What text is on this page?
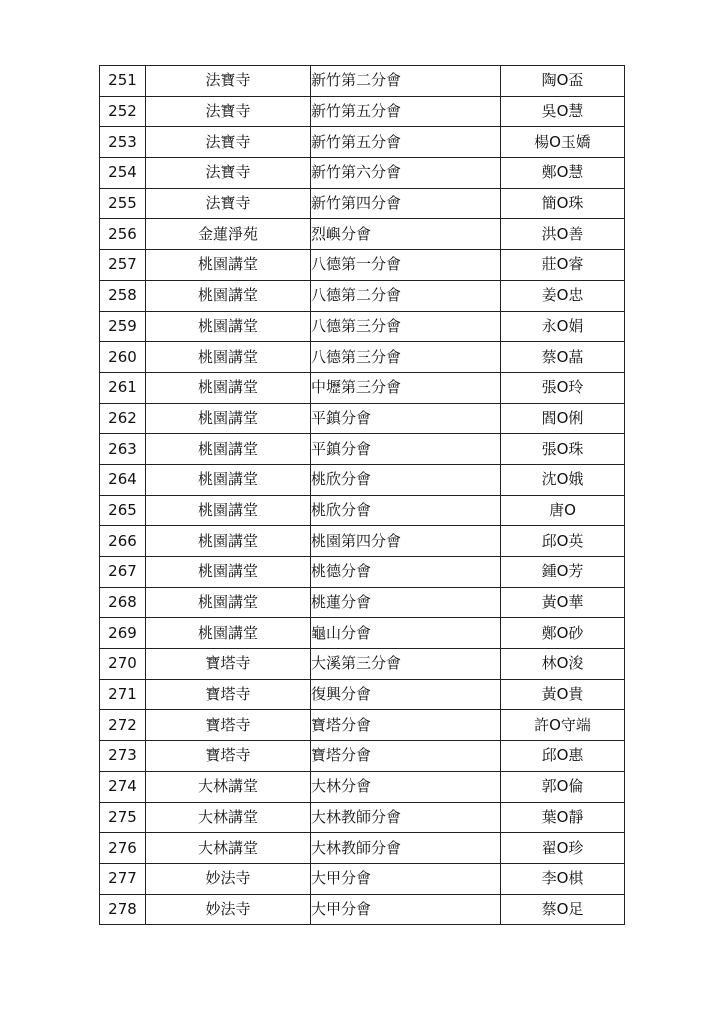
251	法寶寺	新竹第二分會	陶O盃
252	法寶寺	新竹第五分會	吳O慧
253	法寶寺	新竹第五分會	楊O玉嬌
254	法寶寺	新竹第六分會	鄭O慧
255	法寶寺	新竹第四分會	簡O珠
256	金蓮淨苑	烈嶼分會	洪O善
257	桃園講堂	八德第一分會	莊O睿
258	桃園講堂	八德第二分會	姜O忠
259	桃園講堂	八德第三分會	永O娟
260	桃園講堂	八德第三分會	蔡O蕌
261	桃園講堂	中壢第三分會	張O玲
262	桃園講堂	平鎮分會	閻O俐
263	桃園講堂	平鎮分會	張O珠
264	桃園講堂	桃欣分會	沈O娥
265	桃園講堂	桃欣分會	唐O
266	桃園講堂	桃園第四分會	邱O英
267	桃園講堂	桃德分會	鍾O芳
268	桃園講堂	桃蓮分會	黃O華
269	桃園講堂	龜山分會	鄭O砂
270	寶塔寺	大溪第三分會	林O浚
271	寶塔寺	復興分會	黃O貴
272	寶塔寺	寶塔分會	許O守端
273	寶塔寺	寶塔分會	邱O惠
274	大林講堂	大林分會	郭O倫
275	大林講堂	大林教師分會	葉O靜
276	大林講堂	大林教師分會	翟O珍
277	妙法寺	大甲分會	李O棋
278	妙法寺	大甲分會	蔡O足
